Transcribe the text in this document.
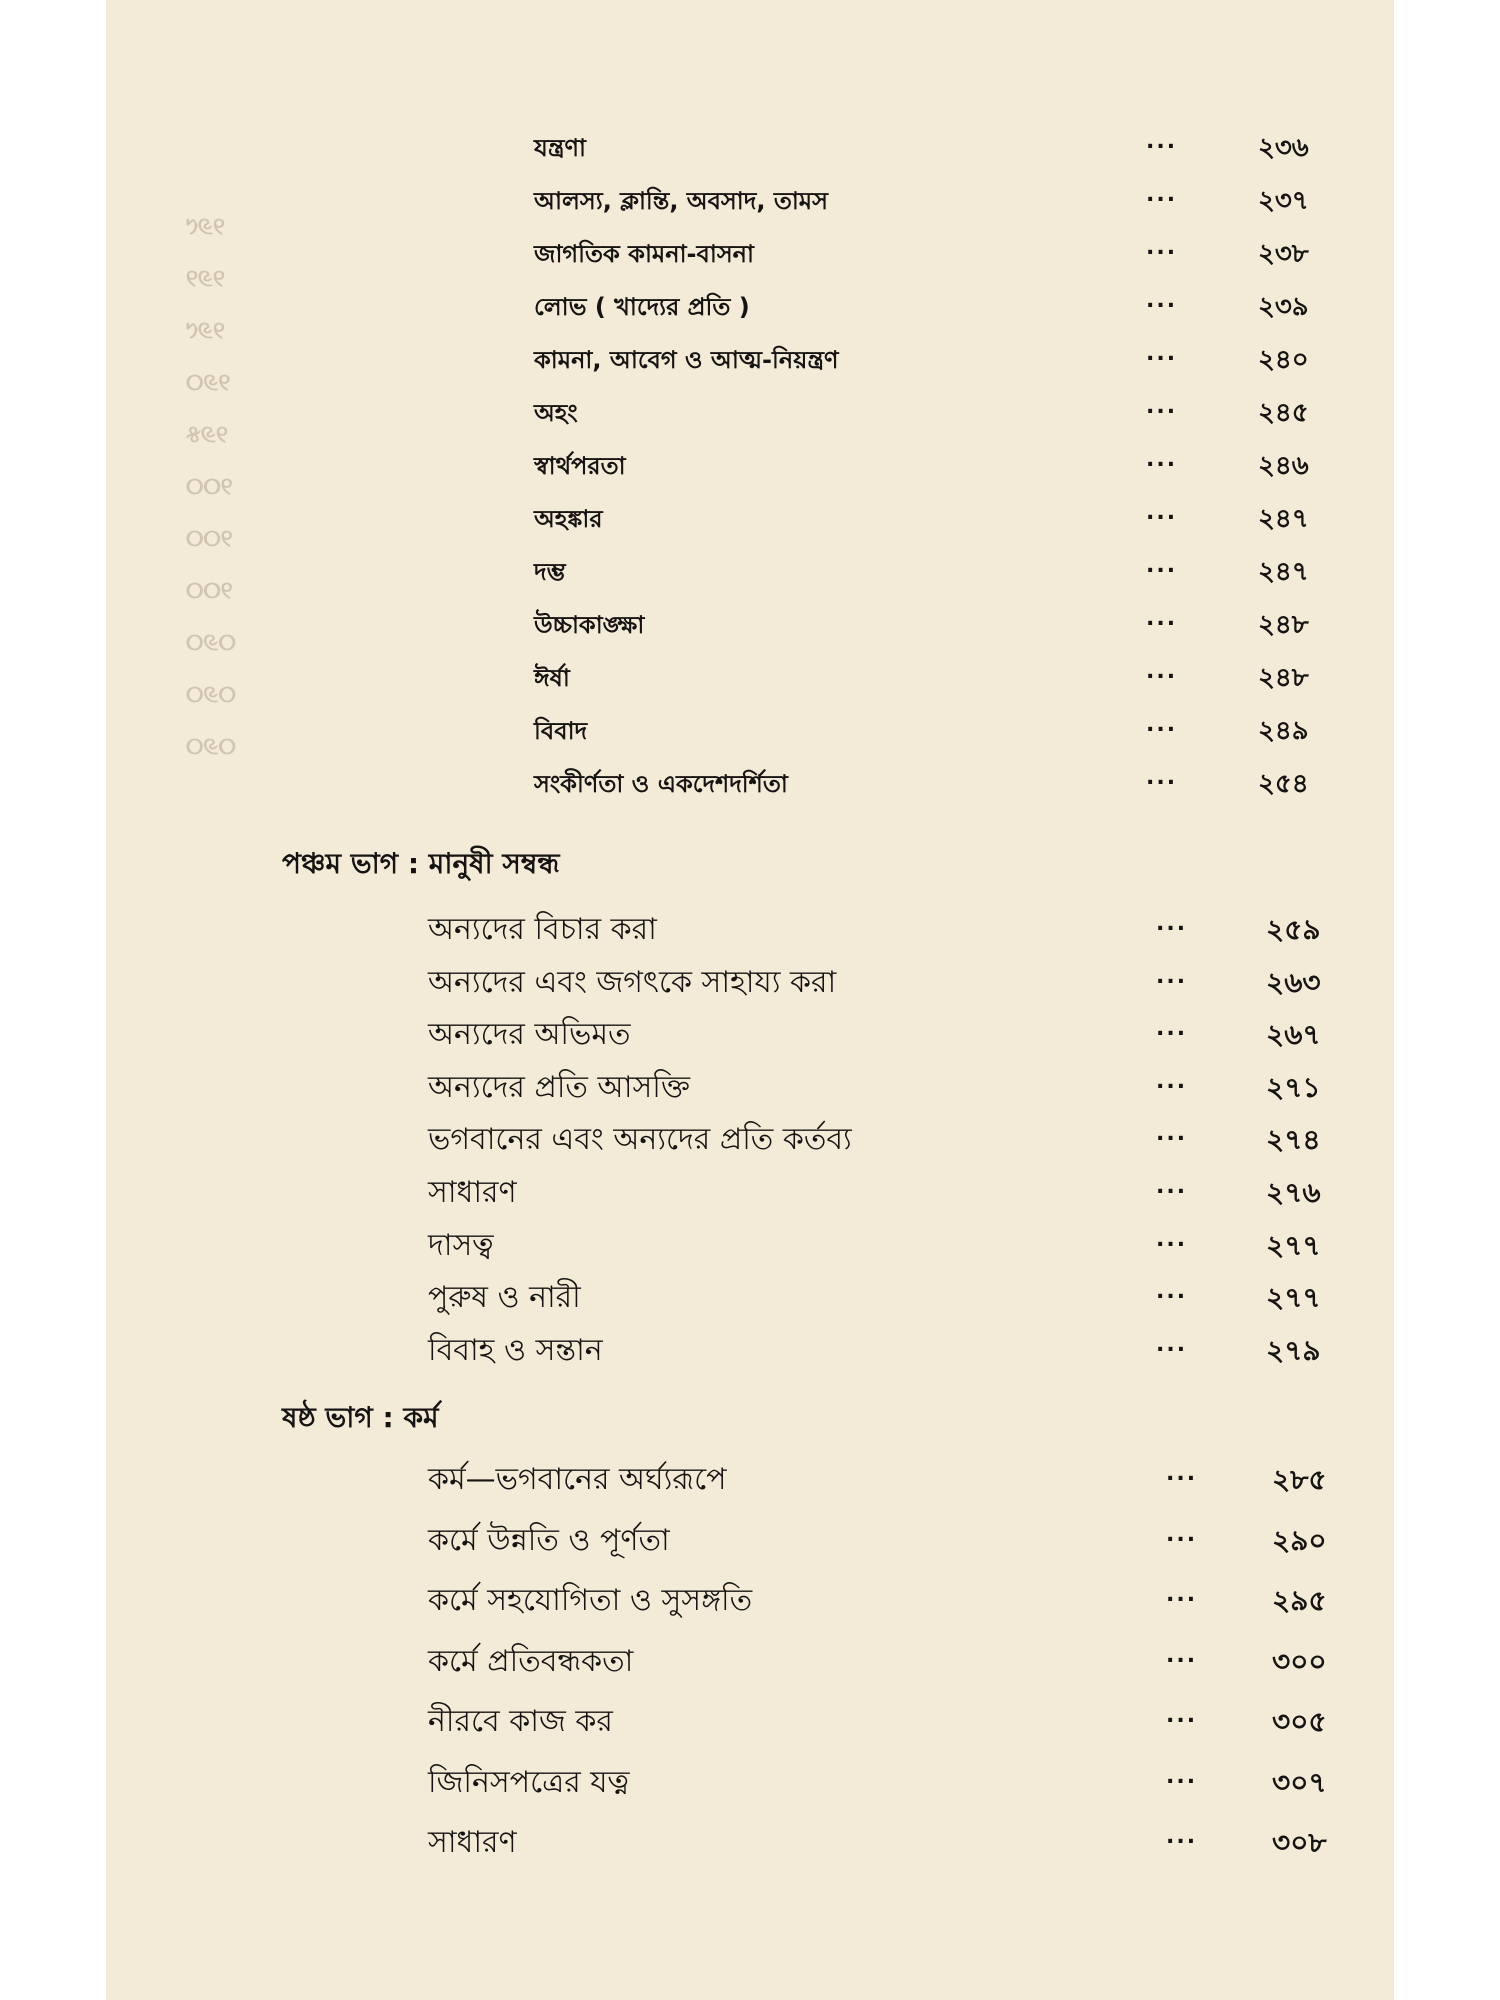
୨୬୯
୨୬୨
୨୬୯
୨୬୦
୨୬୫
୨୦୦
୨୦୦
୨୦୦
୦୬୦
୦୬୦
୦୬୦
যন্ত্রণা	...	২৩৬
আলস্য, ক্লান্তি, অবসাদ, তামস	...	২৩৭
জাগতিক কামনা-বাসনা	...	২৩৮
লোভ ( খাদ্যের প্রতি )	...	২৩৯
কামনা, আবেগ ও আত্ম-নিয়ন্ত্রণ	...	২৪০
অহং	...	২৪৫
স্বার্থপরতা	...	২৪৬
অহঙ্কার	...	২৪৭
দম্ভ	...	২৪৭
উচ্চাকাঙ্ক্ষা	...	২৪৮
ঈর্ষা	...	২৪৮
বিবাদ	...	২৪৯
সংকীর্ণতা ও একদেশদর্শিতা	...	২৫৪
পঞ্চম ভাগ : মানুষী সম্বন্ধ
অন্যদের বিচার করা	...	২৫৯
অন্যদের এবং জগৎকে সাহায্য করা	...	২৬৩
অন্যদের অভিমত	...	২৬৭
অন্যদের প্রতি আসক্তি	...	২৭১
ভগবানের এবং অন্যদের প্রতি কর্তব্য	...	২৭৪
সাধারণ	...	২৭৬
দাসত্ব	...	২৭৭
পুরুষ ও নারী	...	২৭৭
বিবাহ ও সন্তান	...	২৭৯
ষষ্ঠ ভাগ : কর্ম
কর্ম—ভগবানের অর্ঘ্যরূপে	...	২৮৫
কর্মে উন্নতি ও পূর্ণতা	...	২৯০
কর্মে সহযোগিতা ও সুসঙ্গতি	...	২৯৫
কর্মে প্রতিবন্ধকতা	...	৩০০
নীরবে কাজ কর	...	৩০৫
জিনিসপত্রের যত্ন	...	৩০৭
সাধারণ	...	৩০৮
